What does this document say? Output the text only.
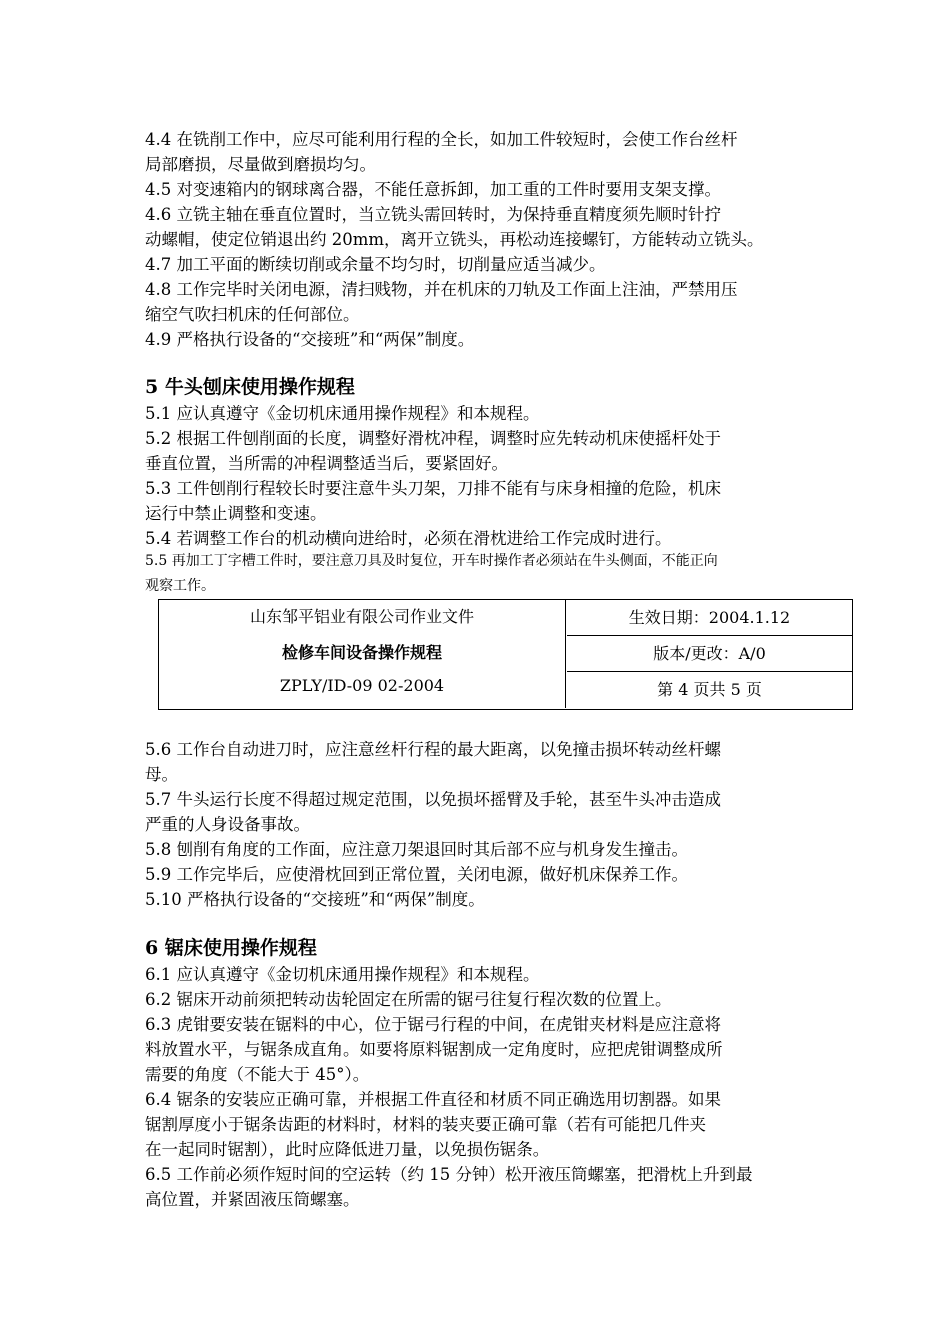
4.4 在铣削工作中，应尽可能利用行程的全长，如加工件较短时，会使工作台丝杆
局部磨损，尽量做到磨损均匀。

4.5 对变速箱内的钢球离合器，不能任意拆卸，加工重的工件时要用支架支撑。

4.6 立铣主轴在垂直位置时，当立铣头需回转时，为保持垂直精度须先顺时针拧
动螺帽，使定位销退出约 20mm，离开立铣头，再松动连接螺钉，方能转动立铣头。

4.7 加工平面的断续切削或余量不均匀时，切削量应适当减少。

4.8 工作完毕时关闭电源，清扫贱物，并在机床的刀轨及工作面上注油，严禁用压
缩空气吹扫机床的任何部位。

4.9 严格执行设备的“交接班”和“两保”制度。

5 牛头刨床使用操作规程

5.1 应认真遵守《金切机床通用操作规程》和本规程。

5.2 根据工件刨削面的长度，调整好滑枕冲程，调整时应先转动机床使摇杆处于
垂直位置，当所需的冲程调整适当后，要紧固好。

5.3 工件刨削行程较长时要注意牛头刀架，刀排不能有与床身相撞的危险，机床
运行中禁止调整和变速。

5.4 若调整工作台的机动横向进给时，必须在滑枕进给工作完成时进行。

5.5 再加工丁字槽工件时，要注意刀具及时复位，开车时操作者必须站在牛头侧面，不能正向
观察工作。

山东邹平铝业有限公司作业文件
检修车间设备操作规程
ZPLY/ID-09 02-2004
生效日期：2004.1.12
版本/更改：A/0
第 4 页共 5 页

5.6 工作台自动进刀时，应注意丝杆行程的最大距离，以免撞击损坏转动丝杆螺
母。

5.7 牛头运行长度不得超过规定范围，以免损坏摇臂及手轮，甚至牛头冲击造成
严重的人身设备事故。

5.8 刨削有角度的工作面，应注意刀架退回时其后部不应与机身发生撞击。

5.9 工作完毕后，应使滑枕回到正常位置，关闭电源，做好机床保养工作。

5.10 严格执行设备的“交接班”和“两保”制度。

6 锯床使用操作规程

6.1 应认真遵守《金切机床通用操作规程》和本规程。

6.2 锯床开动前须把转动齿轮固定在所需的锯弓往复行程次数的位置上。

6.3 虎钳要安装在锯料的中心，位于锯弓行程的中间，在虎钳夹材料是应注意将
料放置水平，与锯条成直角。如要将原料锯割成一定角度时，应把虎钳调整成所
需要的角度（不能大于 45°）。

6.4 锯条的安装应正确可靠，并根据工件直径和材质不同正确选用切割器。如果
锯割厚度小于锯条齿距的材料时，材料的装夹要正确可靠（若有可能把几件夹
在一起同时锯割），此时应降低进刀量，以免损伤锯条。

6.5 工作前必须作短时间的空运转（约 15 分钟）松开液压筒螺塞，把滑枕上升到最
高位置，并紧固液压筒螺塞。
